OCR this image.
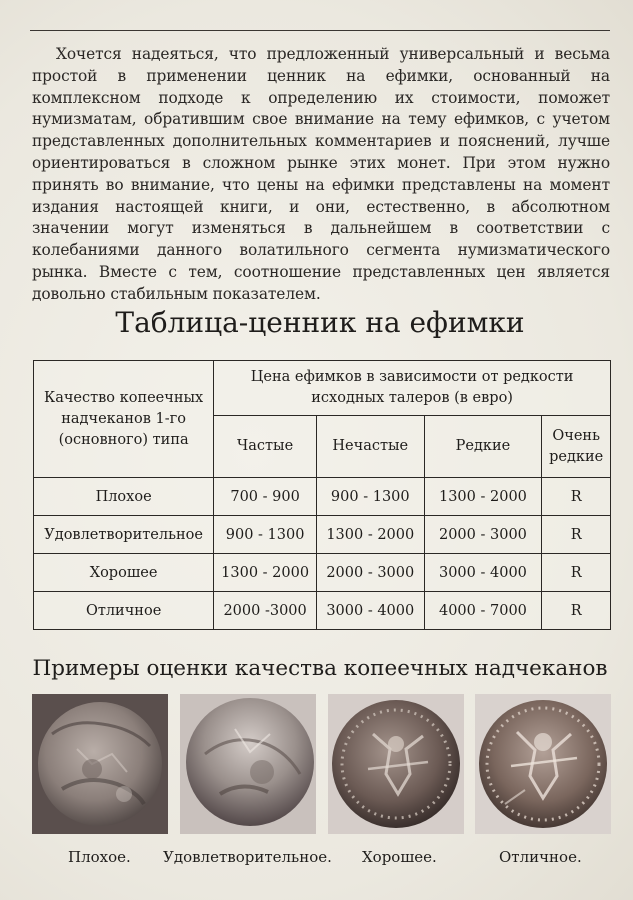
Хочется надеяться, что предложенный универсальный и весьма простой в применении ценник на ефимки, основанный на комплексном подходе к определению их стоимости, поможет нумизматам, обратившим свое внимание на тему ефимков, с учетом представленных дополнительных комментариев и пояснений, лучше ориентироваться в сложном рынке этих монет. При этом нужно принять во внимание, что цены на ефимки представлены на момент издания настоящей книги, и они, естественно, в абсолютном значении могут изменяться в дальнейшем в соответствии с колебаниями данного волатильного сегмента нумизматического рынка. Вместе с тем, соотношение представленных цен является довольно стабильным показателем.

Таблица-ценник на ефимки
Качество копеечных надчеканов 1-го (основного) типа	Цена ефимков в зависимости от редкости исходных талеров (в евро)			
	Частые	Нечастые	Редкие	Очень редкие
Плохое	700 - 900	900 - 1300	1300 - 2000	R
Удовлетворительное	900 - 1300	1300 - 2000	2000 - 3000	R
Хорошее	1300 - 2000	2000 - 3000	3000 - 4000	R
Отличное	2000 -3000	3000 - 4000	4000 - 7000	R
Примеры оценки качества копеечных надчеканов
Плохое. Удовлетворительное. Хорошее.	Отличное.
